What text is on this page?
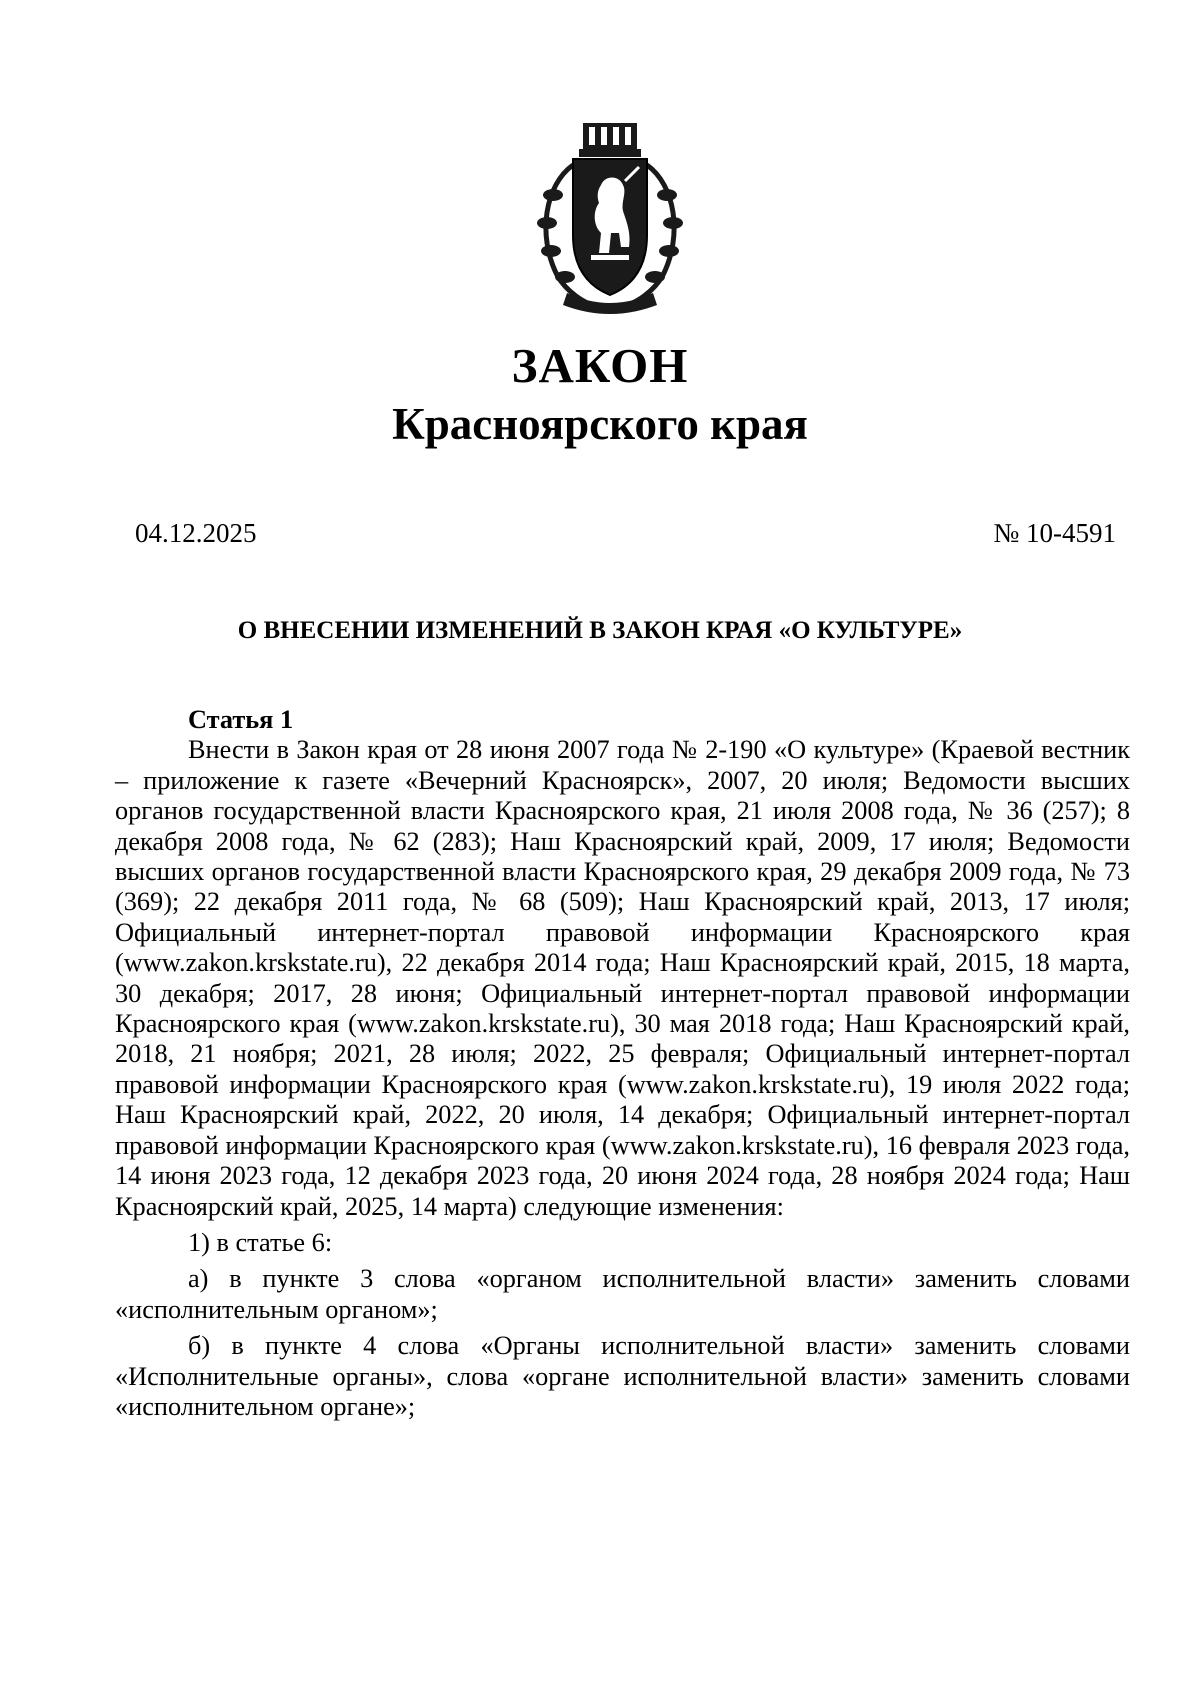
ЗАКОН
Красноярского края
04.12.2025	№ 10-4591
О ВНЕСЕНИИ ИЗМЕНЕНИЙ В ЗАКОН КРАЯ «О КУЛЬТУРЕ»

Статья 1

Внести в Закон края от 28 июня 2007 года № 2-190 «О культуре» (Краевой вестник – приложение к газете «Вечерний Красноярск», 2007, 20 июля; Ведомости высших органов государственной власти Красноярского края, 21 июля 2008 года, № 36 (257); 8 декабря 2008 года, № 62 (283); Наш Красноярский край, 2009, 17 июля; Ведомости высших органов государственной власти Красноярского края, 29 декабря 2009 года, № 73 (369); 22 декабря 2011 года, № 68 (509); Наш Красноярский край, 2013, 17 июля; Официальный интернет-портал правовой информации Красноярского края (www.zakon.krskstate.ru), 22 декабря 2014 года; Наш Красноярский край, 2015, 18 марта, 30 декабря; 2017, 28 июня; Официальный интернет-портал правовой информации Красноярского края (www.zakon.krskstate.ru), 30 мая 2018 года; Наш Красноярский край, 2018, 21 ноября; 2021, 28 июля; 2022, 25 февраля; Официальный интернет-портал правовой информации Красноярского края (www.zakon.krskstate.ru), 19 июля 2022 года; Наш Красноярский край, 2022, 20 июля, 14 декабря; Официальный интернет-портал правовой информации Красноярского края (www.zakon.krskstate.ru), 16 февраля 2023 года, 14 июня 2023 года, 12 декабря 2023 года, 20 июня 2024 года, 28 ноября 2024 года; Наш Красноярский край, 2025, 14 марта) следующие изменения:

1) в статье 6:

а) в пункте 3 слова «органом исполнительной власти» заменить словами «исполнительным органом»;

б) в пункте 4 слова «Органы исполнительной власти» заменить словами «Исполнительные органы», слова «органе исполнительной власти» заменить словами «исполнительном органе»;
